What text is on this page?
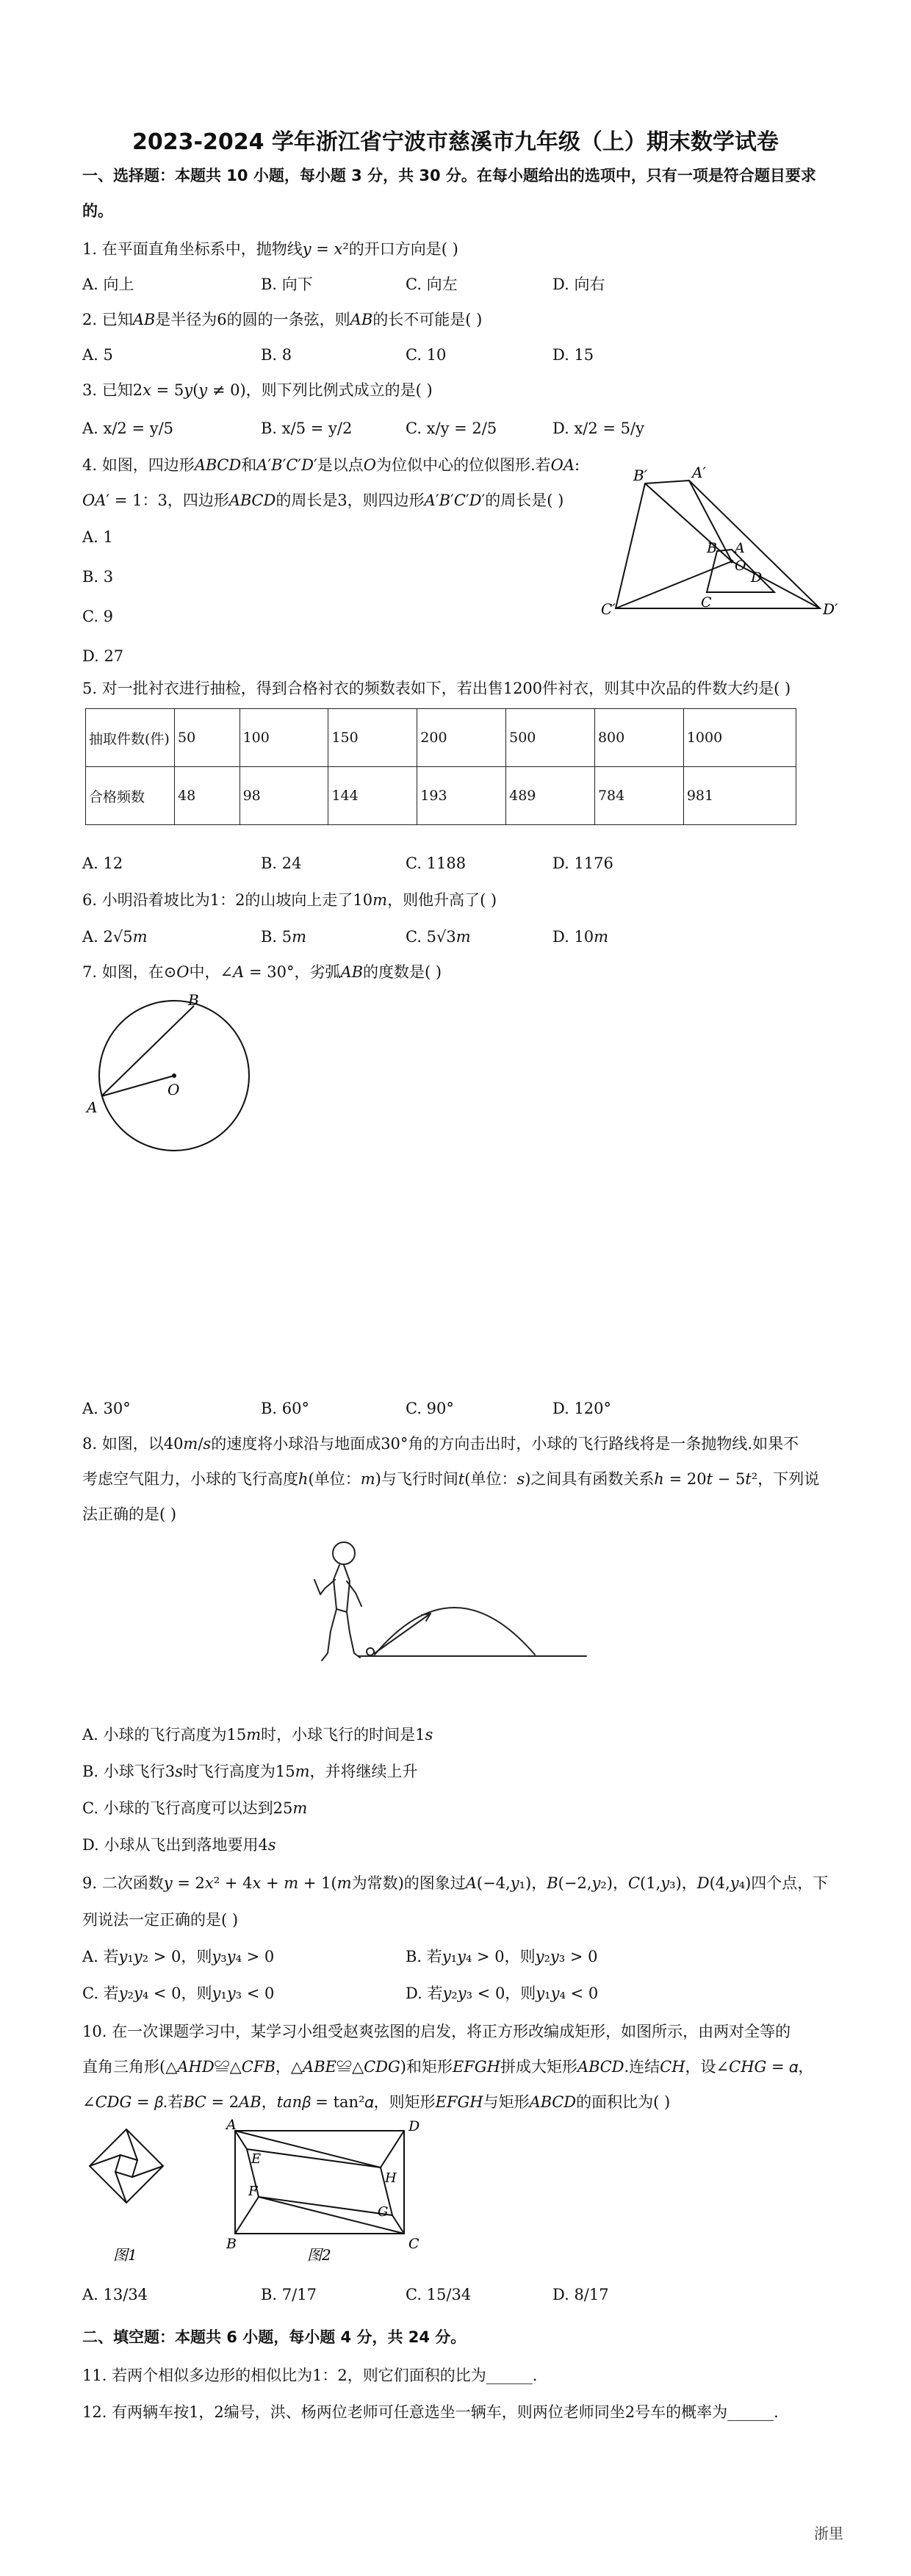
2023-2024 学年浙江省宁波市慈溪市九年级（上）期末数学试卷
一、选择题：本题共 10 小题，每小题 3 分，共 30 分。在每小题给出的选项中，只有一项是符合题目要求
的。
1. 在平面直角坐标系中，抛物线𝑦 = 𝑥²的开口方向是( )
A. 向上	B. 向下	C. 向左	D. 向右
2. 已知𝐴𝐵是半径为6的圆的一条弦，则𝐴𝐵的长不可能是( )
A. 5	B. 8	C. 10	D. 15
3. 已知2𝑥 = 5𝑦(𝑦 ≠ 0)，则下列比例式成立的是( )
A. x/2 = y/5	B. x/5 = y/2	C. x/y = 2/5	D. x/2 = 5/y
4. 如图，四边形𝐴𝐵𝐶𝐷和𝐴′𝐵′𝐶′𝐷′是以点𝑂为位似中心的位似图形.若𝑂𝐴:
𝑂𝐴′ = 1：3，四边形𝐴𝐵𝐶𝐷的周长是3，则四边形𝐴′𝐵′𝐶′𝐷′的周长是( )
A. 1
B. 3
C. 9
D. 27
A′
B′
C′	D′
A
B
C
D
O
5. 对一批衬衣进行抽检，得到合格衬衣的频数表如下，若出售1200件衬衣，则其中次品的件数大约是( )
抽取件数(件)	50	100	150	200	500	800	1000
合格频数	48	98	144	193	489	784	981
A. 12	B. 24	C. 1188	D. 1176
6. 小明沿着坡比为1：2的山坡向上走了10𝑚，则他升高了( )
A. 2√5𝑚	B. 5𝑚	C. 5√3𝑚	D. 10𝑚
7. 如图，在⊙𝑂中，∠𝐴 = 30°，劣弧𝐴𝐵的度数是( )
B
A
O
A. 30°	B. 60°	C. 90°	D. 120°
8. 如图，以40𝑚/𝑠的速度将小球沿与地面成30°角的方向击出时，小球的飞行路线将是一条抛物线.如果不
考虑空气阻力，小球的飞行高度ℎ(单位：𝑚)与飞行时间𝑡(单位：𝑠)之间具有函数关系ℎ = 20𝑡 − 5𝑡²，下列说
法正确的是( )
A. 小球的飞行高度为15𝑚时，小球飞行的时间是1𝑠
B. 小球飞行3𝑠时飞行高度为15𝑚，并将继续上升
C. 小球的飞行高度可以达到25𝑚
D. 小球从飞出到落地要用4𝑠
9. 二次函数𝑦 = 2𝑥² + 4𝑥 + 𝑚 + 1(𝑚为常数)的图象过𝐴(−4,𝑦₁)，𝐵(−2,𝑦₂)，𝐶(1,𝑦₃)，𝐷(4,𝑦₄)四个点，下
列说法一定正确的是( )
A. 若𝑦₁𝑦₂ > 0，则𝑦₃𝑦₄ > 0	B. 若𝑦₁𝑦₄ > 0，则𝑦₂𝑦₃ > 0
C. 若𝑦₂𝑦₄ < 0，则𝑦₁𝑦₃ < 0	D. 若𝑦₂𝑦₃ < 0，则𝑦₁𝑦₄ < 0
10. 在一次课题学习中，某学习小组受赵爽弦图的启发，将正方形改编成矩形，如图所示，由两对全等的
直角三角形(△𝐴𝐻𝐷≌△𝐶𝐹𝐵，△𝐴𝐵𝐸≌△𝐶𝐷𝐺)和矩形𝐸𝐹𝐺𝐻拼成大矩形𝐴𝐵𝐶𝐷.连结𝐶𝐻，设∠𝐶𝐻𝐺 = 𝛼，
∠𝐶𝐷𝐺 = 𝛽.若𝐵𝐶 = 2𝐴𝐵，𝑡𝑎𝑛𝛽 = tan²𝛼，则矩形𝐸𝐹𝐺𝐻与矩形𝐴𝐵𝐶𝐷的面积比为( )
图1
A	D
B	C
E
F
G
H
图2
A. 13/34	B. 7/17	C. 15/34	D. 8/17
二、填空题：本题共 6 小题，每小题 4 分，共 24 分。
11. 若两个相似多边形的相似比为1：2，则它们面积的比为______.
12. 有两辆车按1，2编号，洪、杨两位老师可任意选坐一辆车，则两位老师同坐2号车的概率为______.
浙里
